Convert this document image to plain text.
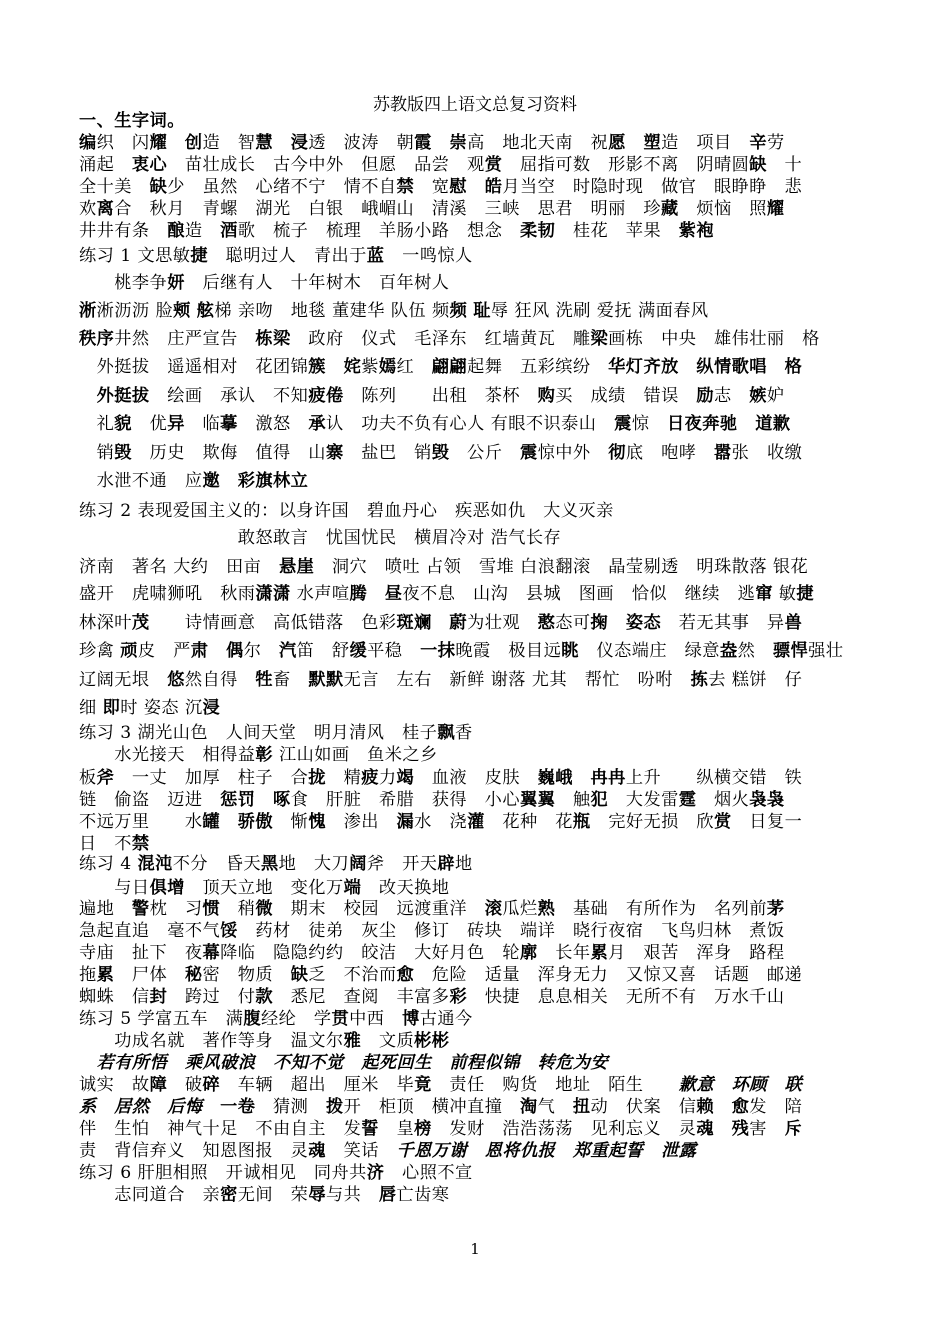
苏教版四上语文总复习资料
一、生字词。
编织　闪耀　 创造　智慧　 浸透　波涛　朝霞　 崇高　地北天南　祝愿　 塑造　项目　辛劳
涌起　衷心　苗壮成长　古今中外　但愿　品尝　观赏　屈指可数　形影不离　阴晴圆缺　十
全十美　缺少　虽然　心绪不宁　情不自禁　宽慰　 皓月当空　时隐时现　做官　眼睁睁　悲
欢离合　秋月　青螺　湖光　白银　峨嵋山　清溪　三峡　思君　明丽　珍藏　烦恼　照耀
井井有条　酿造　酒歌　梳子　梳理　羊肠小路　想念　柔韧　桂花　苹果　紫袍
练习 1 文思敏捷　聪明过人　青出于蓝　一鸣惊人
　　桃李争妍　后继有人　十年树木　百年树人
淅淅沥沥 脸颊 舷梯 亲吻　地毯 董建华 队伍 频频 耻辱 狂风 洗刷 爱抚 满面春风
秩序井然　庄严宣告　栋梁　政府　仪式　毛泽东　红墙黄瓦　雕梁画栋　中央　雄伟壮丽　格
　外挺拔　遥遥相对　花团锦簇　 姹紫嫣红　翩翩起舞　五彩缤纷　华灯齐放　 纵情歌唱　 格
　外挺拔　绘画　承认　不知疲倦　陈列　　出租　茶杯　购买　成绩　错误　励志　嫉妒
　礼貌　优异　临摹　激怒　承认　功夫不负有心人 有眼不识泰山　震惊　日夜奔驰　 道歉
　销毁　历史　欺侮　值得　山寨　盐巴　销毁　公斤　震惊中外　彻底　咆哮　嚣张　收缴
　水泄不通　应邀　 彩旗林立
练习 2 表现爱国主义的：以身许国　碧血丹心　疾恶如仇　大义灭亲
　　　　　　　　　敢怒敢言　忧国忧民　横眉冷对 浩气长存
济南　著名 大约　田亩　悬崖　洞穴　喷吐 占领　雪堆 白浪翻滚　晶莹剔透　明珠散落 银花
盛开　虎啸狮吼　秋雨潇潇 水声喧腾　 昼夜不息　山沟　县城　图画　恰似　继续　逃窜 敏捷
林深叶茂　　诗情画意　高低错落　色彩斑斓　 蔚为壮观　憨态可掬　 姿态　若无其事　异兽
珍禽 顽皮　严肃　 偶尔　汽笛　舒缓平稳　一抹晚霞　极目远眺　仪态端庄　绿意盎然　骠悍强壮
辽阔无垠　悠然自得　牲畜　默默无言　左右　新鲜 谢落 尤其　帮忙　吩咐　拣去 糕饼　仔
细 即时 姿态 沉浸
练习 3 湖光山色　人间天堂　明月清风　桂子飘香
　　水光接天　相得益彰 江山如画　鱼米之乡
板斧　一丈　加厚　柱子　合拢　精疲力竭　血液　皮肤　巍峨　 冉冉上升　　纵横交错　铁
链　偷盗　迈进　惩罚　 啄食　肝脏　希腊　获得　小心翼翼　触犯　大发雷霆　烟火袅袅
不远万里　　水罐　 骄傲　惭愧　渗出　漏水　浇灌　花种　花瓶　完好无损　欣赏　日复一
日　不禁
练习 4 混沌不分　昏天黑地　大刀阔斧　开天辟地
　　与日俱增　顶天立地　变化万端　改天换地
遍地　警枕　习惯　稍微　期末　校园　远渡重洋　滚瓜烂熟　基础　有所作为　名列前茅
急起直追　毫不气馁　药材　徒弟　灰尘　修订　砖块　端详　晓行夜宿　飞鸟归林　煮饭
寺庙　扯下　夜幕降临　隐隐约约　皎洁　大好月色　轮廓　长年累月　艰苦　浑身　路程
拖累　尸体　秘密　物质　缺乏　不治而愈　危险　适量　浑身无力　又惊又喜　话题　邮递
蜘蛛　信封　跨过　付款　悉尼　查阅　丰富多彩　快捷　息息相关　无所不有　万水千山
练习 5 学富五车　满腹经纶　学贯中西　博古通今
　　功成名就　著作等身　温文尔雅　文质彬彬
　若有所悟　乘风破浪　不知不觉　起死回生　前程似锦　转危为安
诚实　故障　破碎　车辆　超出　厘米　毕竟　责任　购货　地址　陌生　　歉意　环顾　联
系　居然　后悔　 一卷　猜测　拨开　柜顶　横冲直撞　淘气　扭动　伏案　信赖　 愈发　陪
伴　生怕　神气十足　不由自主　发誓　皇榜　发财　浩浩荡荡　见利忘义　灵魂　 残害　斥
责　背信弃义　知恩图报　灵魂　笑话　千恩万谢　恩将仇报　郑重起誓　泄露
练习 6 肝胆相照　开诚相见　同舟共济　心照不宣
　　志同道合　亲密无间　荣辱与共　唇亡齿寒
1
